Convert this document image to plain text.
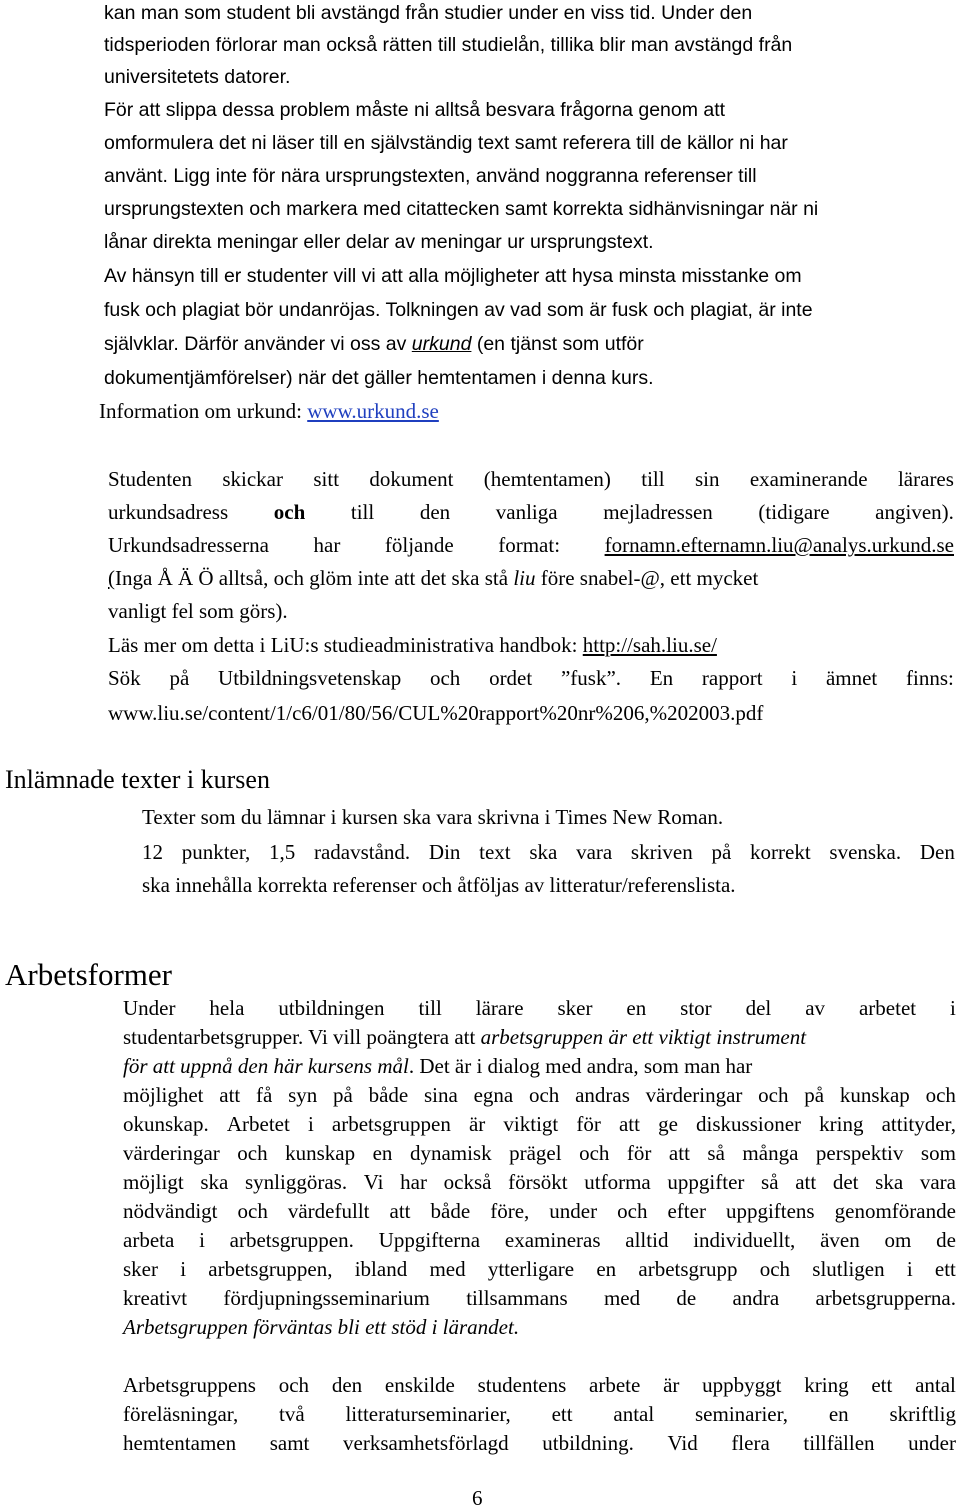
kan man som student bli avstängd från studier under en viss tid. Under den
tidsperioden förlorar man också rätten till studielån, tillika blir man avstängd från
universitetets datorer.
För att slippa dessa problem måste ni alltså besvara frågorna genom att
omformulera det ni läser till en självständig text samt referera till de källor ni har
använt. Ligg inte för nära ursprungstexten, använd noggranna referenser till
ursprungstexten och markera med citattecken samt korrekta sidhänvisningar när ni
lånar direkta meningar eller delar av meningar ur ursprungstext.
Av hänsyn till er studenter vill vi att alla möjligheter att hysa minsta misstanke om
fusk och plagiat bör undanröjas. Tolkningen av vad som är fusk och plagiat, är inte
självklar. Därför använder vi oss av urkund (en tjänst som utför
dokumentjämförelser) när det gäller hemtentamen i denna kurs.
Information om urkund: www.urkund.se
Studenten skickar sitt dokument (hemtentamen) till sin examinerande lärares
urkundsadress och till den vanliga mejladressen (tidigare angiven).
Urkundsadresserna har följande format: fornamn.efternamn.liu@analys.urkund.se
(Inga Å Ä Ö alltså, och glöm inte att det ska stå liu före snabel-@, ett mycket
vanligt fel som görs).
Läs mer om detta i LiU:s studieadministrativa handbok: http://sah.liu.se/
Sök på Utbildningsvetenskap och ordet ”fusk”. En rapport i ämnet finns:
www.liu.se/content/1/c6/01/80/56/CUL%20rapport%20nr%206,%202003.pdf
Inlämnade texter i kursen
Texter som du lämnar i kursen ska vara skrivna i Times New Roman.
12 punkter, 1,5 radavstånd. Din text ska vara skriven på korrekt svenska. Den
ska innehålla korrekta referenser och åtföljas av litteratur/referenslista.
Arbetsformer
Under hela utbildningen till lärare sker en stor del av arbetet i
studentarbetsgrupper. Vi vill poängtera att arbetsgruppen är ett viktigt instrument
för att uppnå den här kursens mål. Det är i dialog med andra, som man har
möjlighet att få syn på både sina egna och andras värderingar och på kunskap och
okunskap. Arbetet i arbetsgruppen är viktigt för att ge diskussioner kring attityder,
värderingar och kunskap en dynamisk prägel och för att så många perspektiv som
möjligt ska synliggöras. Vi har också försökt utforma uppgifter så att det ska vara
nödvändigt och värdefullt att både före, under och efter uppgiftens genomförande
arbeta i arbetsgruppen. Uppgifterna examineras alltid individuellt, även om de
sker i arbetsgruppen, ibland med ytterligare en arbetsgrupp och slutligen i ett
kreativt fördjupningsseminarium tillsammans med de andra arbetsgrupperna.
Arbetsgruppen förväntas bli ett stöd i lärandet.
Arbetsgruppens och den enskilde studentens arbete är uppbyggt kring ett antal
föreläsningar, två litteraturseminarier, ett antal seminarier, en skriftlig
hemtentamen samt verksamhetsförlagd utbildning. Vid flera tillfällen under
6
